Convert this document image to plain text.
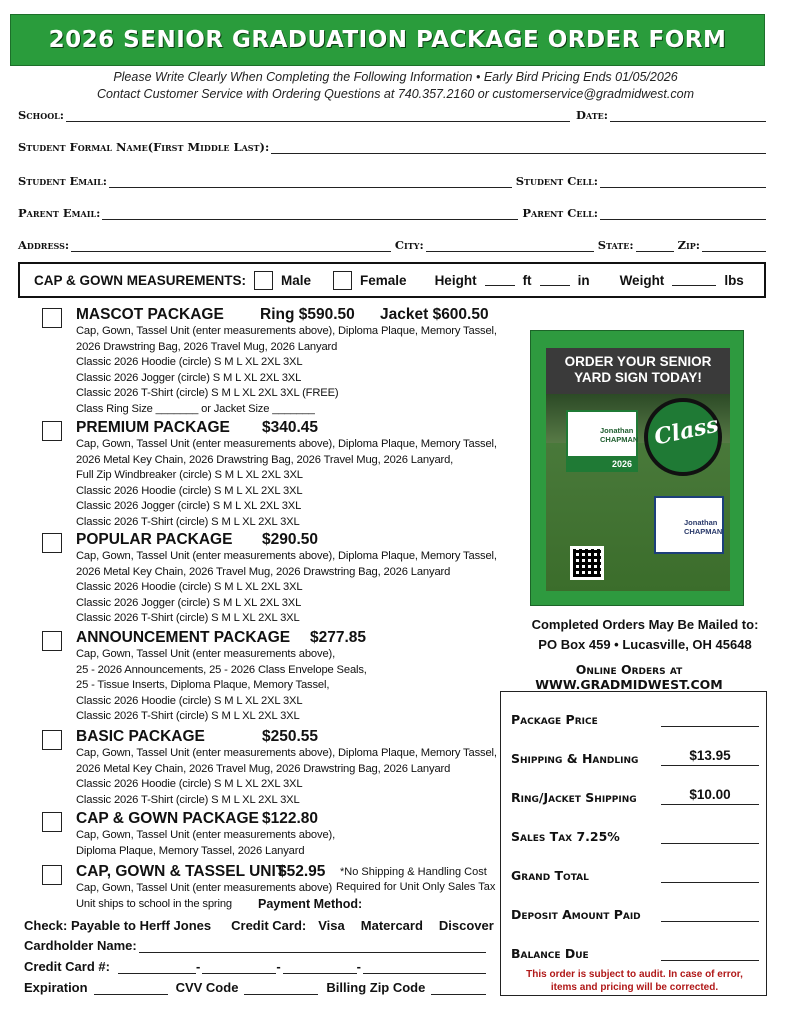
2026 SENIOR GRADUATION PACKAGE ORDER FORM
Please Write Clearly When Completing the Following Information • Early Bird Pricing Ends 01/05/2026
Contact Customer Service with Ordering Questions at 740.357.2160 or customerservice@gradmidwest.com
School:	Date:
Student Formal Name(First Middle Last):
Student Email:	Student Cell:
Parent Email:	Parent Cell:
Address:	City:	State:	Zip:
CAP & GOWN MEASUREMENTS:	Male	Female Height	ft	in Weight	lbs
MASCOT PACKAGE Ring $590.50 Jacket $600.50
Cap, Gown, Tassel Unit (enter measurements above), Diploma Plaque, Memory Tassel,
2026 Drawstring Bag, 2026 Travel Mug, 2026 Lanyard
Classic 2026 Hoodie (circle) S M L XL 2XL 3XL
Classic 2026 Jogger (circle) S M L XL 2XL 3XL
Classic 2026 T-Shirt (circle) S M L XL 2XL 3XL (FREE)
Class Ring Size _______ or Jacket Size _______
PREMIUM PACKAGE $340.45
Cap, Gown, Tassel Unit (enter measurements above), Diploma Plaque, Memory Tassel,
2026 Metal Key Chain, 2026 Drawstring Bag, 2026 Travel Mug, 2026 Lanyard,
Full Zip Windbreaker (circle) S M L XL 2XL 3XL
Classic 2026 Hoodie (circle) S M L XL 2XL 3XL
Classic 2026 Jogger (circle) S M L XL 2XL 3XL
Classic 2026 T-Shirt (circle) S M L XL 2XL 3XL
POPULAR PACKAGE $290.50
Cap, Gown, Tassel Unit (enter measurements above), Diploma Plaque, Memory Tassel,
2026 Metal Key Chain, 2026 Travel Mug, 2026 Drawstring Bag, 2026 Lanyard
Classic 2026 Hoodie (circle) S M L XL 2XL 3XL
Classic 2026 Jogger (circle) S M L XL 2XL 3XL
Classic 2026 T-Shirt (circle) S M L XL 2XL 3XL
ANNOUNCEMENT PACKAGE $277.85
Cap, Gown, Tassel Unit (enter measurements above),
25 - 2026 Announcements, 25 - 2026 Class Envelope Seals,
25 - Tissue Inserts, Diploma Plaque, Memory Tassel,
Classic 2026 Hoodie (circle) S M L XL 2XL 3XL
Classic 2026 T-Shirt (circle) S M L XL 2XL 3XL
BASIC PACKAGE	$250.55
Cap, Gown, Tassel Unit (enter measurements above), Diploma Plaque, Memory Tassel,
2026 Metal Key Chain, 2026 Travel Mug, 2026 Drawstring Bag, 2026 Lanyard
Classic 2026 Hoodie (circle) S M L XL 2XL 3XL
Classic 2026 T-Shirt (circle) S M L XL 2XL 3XL
CAP & GOWN PACKAGE $122.80
Cap, Gown, Tassel Unit (enter measurements above),
Diploma Plaque, Memory Tassel, 2026 Lanyard
CAP, GOWN & TASSEL UNIT
$52.95
Cap, Gown, Tassel Unit (enter measurements above)
Unit ships to school in the spring
*No Shipping & Handling Cost
Required for Unit Only Sales Tax
Payment Method:
ORDER YOUR SENIOR
YARD SIGN TODAY!
Jonathan
CHAPMAN
2026
Class
Jonathan
CHAPMAN
Completed Orders May Be Mailed to:
PO Box 459 • Lucasville, OH 45648
Online Orders at WWW.GRADMIDWEST.COM
Package Price
Shipping & Handling	$13.95
Ring/Jacket Shipping	$10.00
Sales Tax 7.25%
Grand Total
Deposit Amount Paid
Balance Due
This order is subject to audit. In case of error,
items and pricing will be corrected.
Check: Payable to Herff Jones Credit Card: Visa Matercard Discover
Cardholder Name:
Credit Card #:	-	-	-
Expiration	CVV Code	Billing Zip Code
